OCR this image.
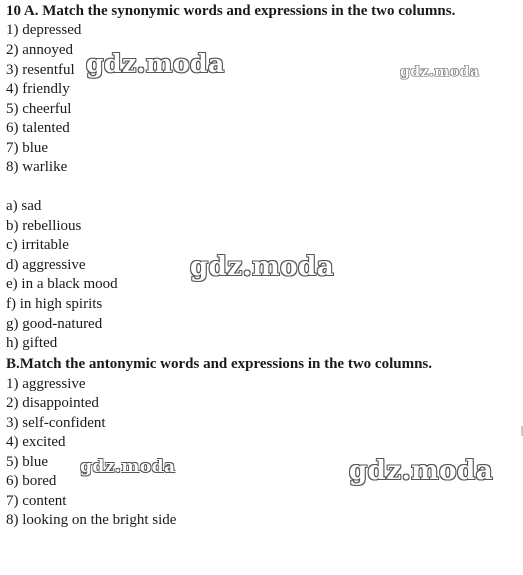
10 A. Match the synonymic words and expressions in the two columns.
1) depressed
2) annoyed
3) resentful
4) friendly
5) cheerful
6) talented
7) blue
8) warlike
a) sad
b) rebellious
c) irritable
d) aggressive
e) in a black mood
f) in high spirits
g) good-natured
h) gifted
B.Match the antonymic words and expressions in the two columns.
1) aggressive
2) disappointed
3) self-confident
4) excited
5) blue
6) bored
7) content
8) looking on the bright side
gdz.moda	gdz.moda
gdz.moda
gdz.moda	gdz.moda
